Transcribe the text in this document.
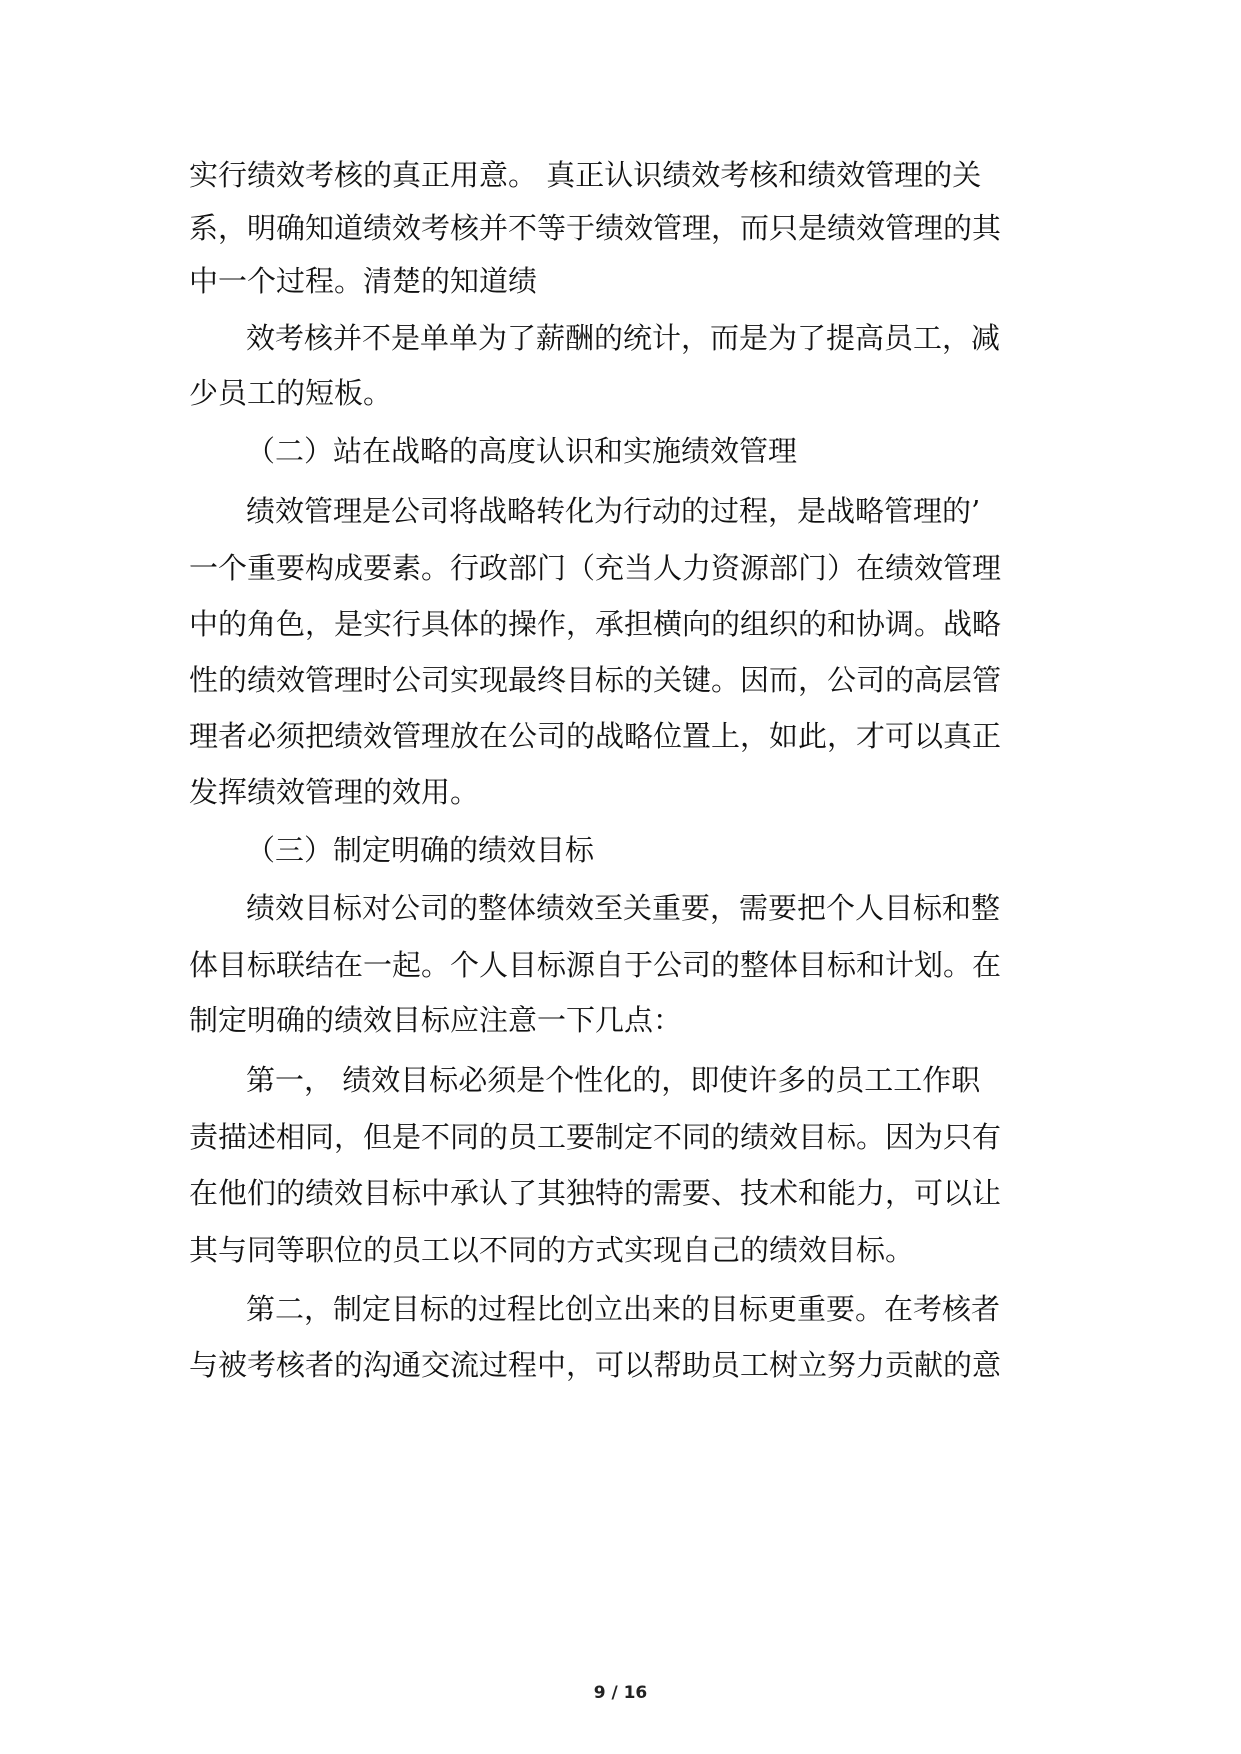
实行绩效考核的真正用意。 真正认识绩效考核和绩效管理的关
系，明确知道绩效考核并不等于绩效管理，而只是绩效管理的其
中一个过程。清楚的知道绩
效考核并不是单单为了薪酬的统计，而是为了提高员工，减
少员工的短板。
（二）站在战略的高度认识和实施绩效管理
绩效管理是公司将战略转化为行动的过程，是战略管理的’
一个重要构成要素。行政部门（充当人力资源部门）在绩效管理
中的角色，是实行具体的操作，承担横向的组织的和协调。战略
性的绩效管理时公司实现最终目标的关键。因而，公司的高层管
理者必须把绩效管理放在公司的战略位置上，如此，才可以真正
发挥绩效管理的效用。
（三）制定明确的绩效目标
绩效目标对公司的整体绩效至关重要，需要把个人目标和整
体目标联结在一起。个人目标源自于公司的整体目标和计划。在
制定明确的绩效目标应注意一下几点：
第一， 绩效目标必须是个性化的，即使许多的员工工作职
责描述相同，但是不同的员工要制定不同的绩效目标。因为只有
在他们的绩效目标中承认了其独特的需要、技术和能力，可以让
其与同等职位的员工以不同的方式实现自己的绩效目标。
第二，制定目标的过程比创立出来的目标更重要。在考核者
与被考核者的沟通交流过程中，可以帮助员工树立努力贡献的意
9 / 16
